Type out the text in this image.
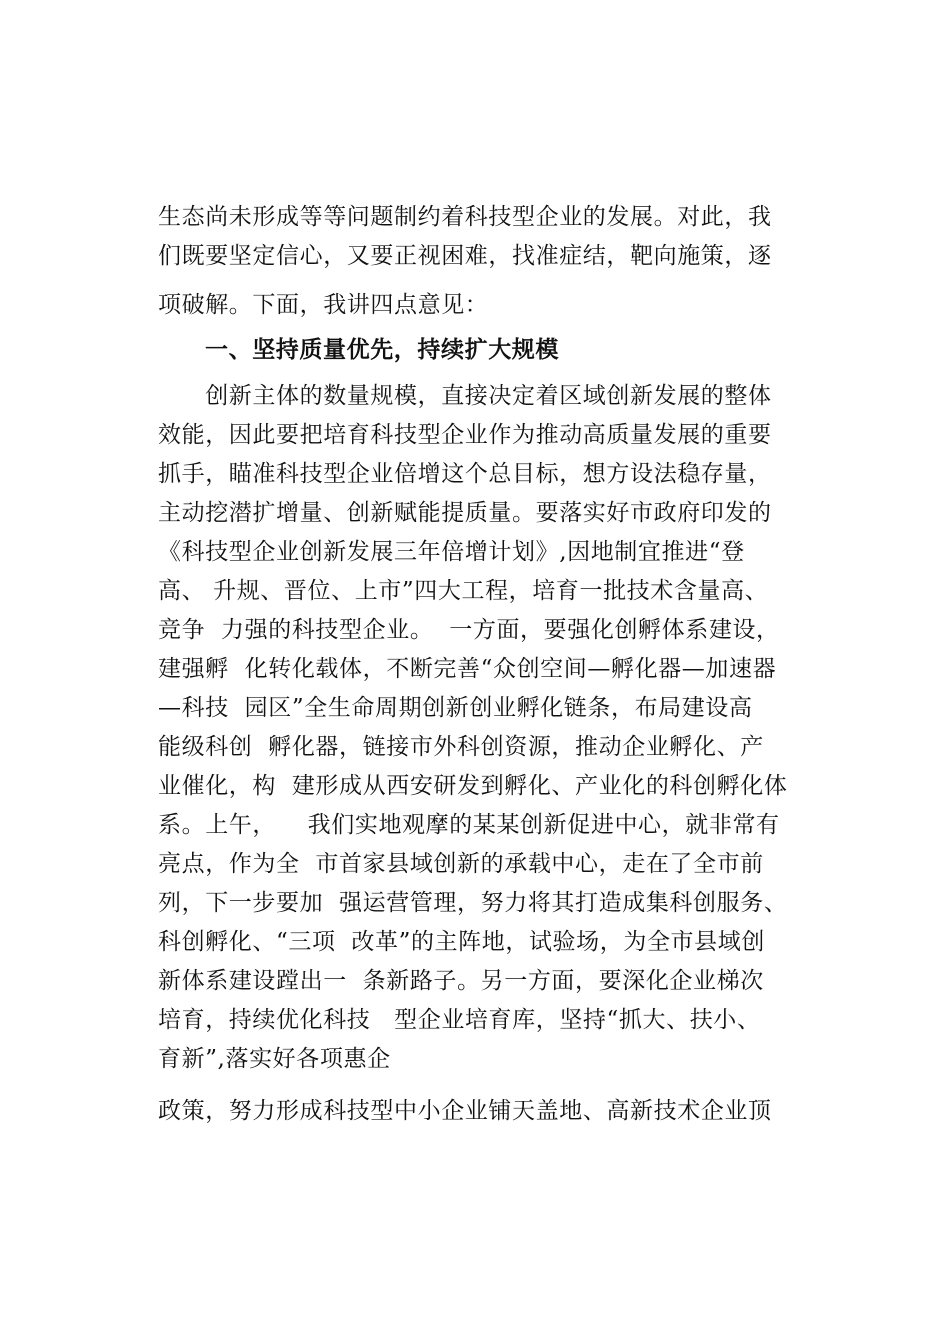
生态尚未形成等等问题制约着科技型企业的发展。对此，我

们既要坚定信心，又要正视困难，找准症结，靶向施策，逐

项破解。下面，我讲四点意见：

一、坚持质量优先，持续扩大规模

　　创新主体的数量规模，直接决定着区域创新发展的整体

效能，因此要把培育科技型企业作为推动高质量发展的重要

抓手，瞄准科技型企业倍增这个总目标，想方设法稳存量，

主动挖潜扩增量、创新赋能提质量。要落实好市政府印发的

《科技型企业创新发展三年倍增计划》,因地制宜推进“登

高、 升规、晋位、上市”四大工程，培育一批技术含量高、

竞争  力强的科技型企业。  一方面，要强化创孵体系建设，

建强孵  化转化载体，不断完善“众创空间—孵化器—加速器

—科技  园区”全生命周期创新创业孵化链条，布局建设高

能级科创  孵化器，链接市外科创资源，推动企业孵化、产

业催化，构  建形成从西安研发到孵化、产业化的科创孵化体

系。上午，    我们实地观摩的某某创新促进中心，就非常有

亮点，作为全  市首家县域创新的承载中心，走在了全市前

列，下一步要加  强运营管理，努力将其打造成集科创服务、

科创孵化、“三项  改革”的主阵地，试验场，为全市县域创

新体系建设蹚出一  条新路子。另一方面，要深化企业梯次

培育，持续优化科技   型企业培育库，坚持“抓大、扶小、

育新”,落实好各项惠企

政策，努力形成科技型中小企业铺天盖地、高新技术企业顶
